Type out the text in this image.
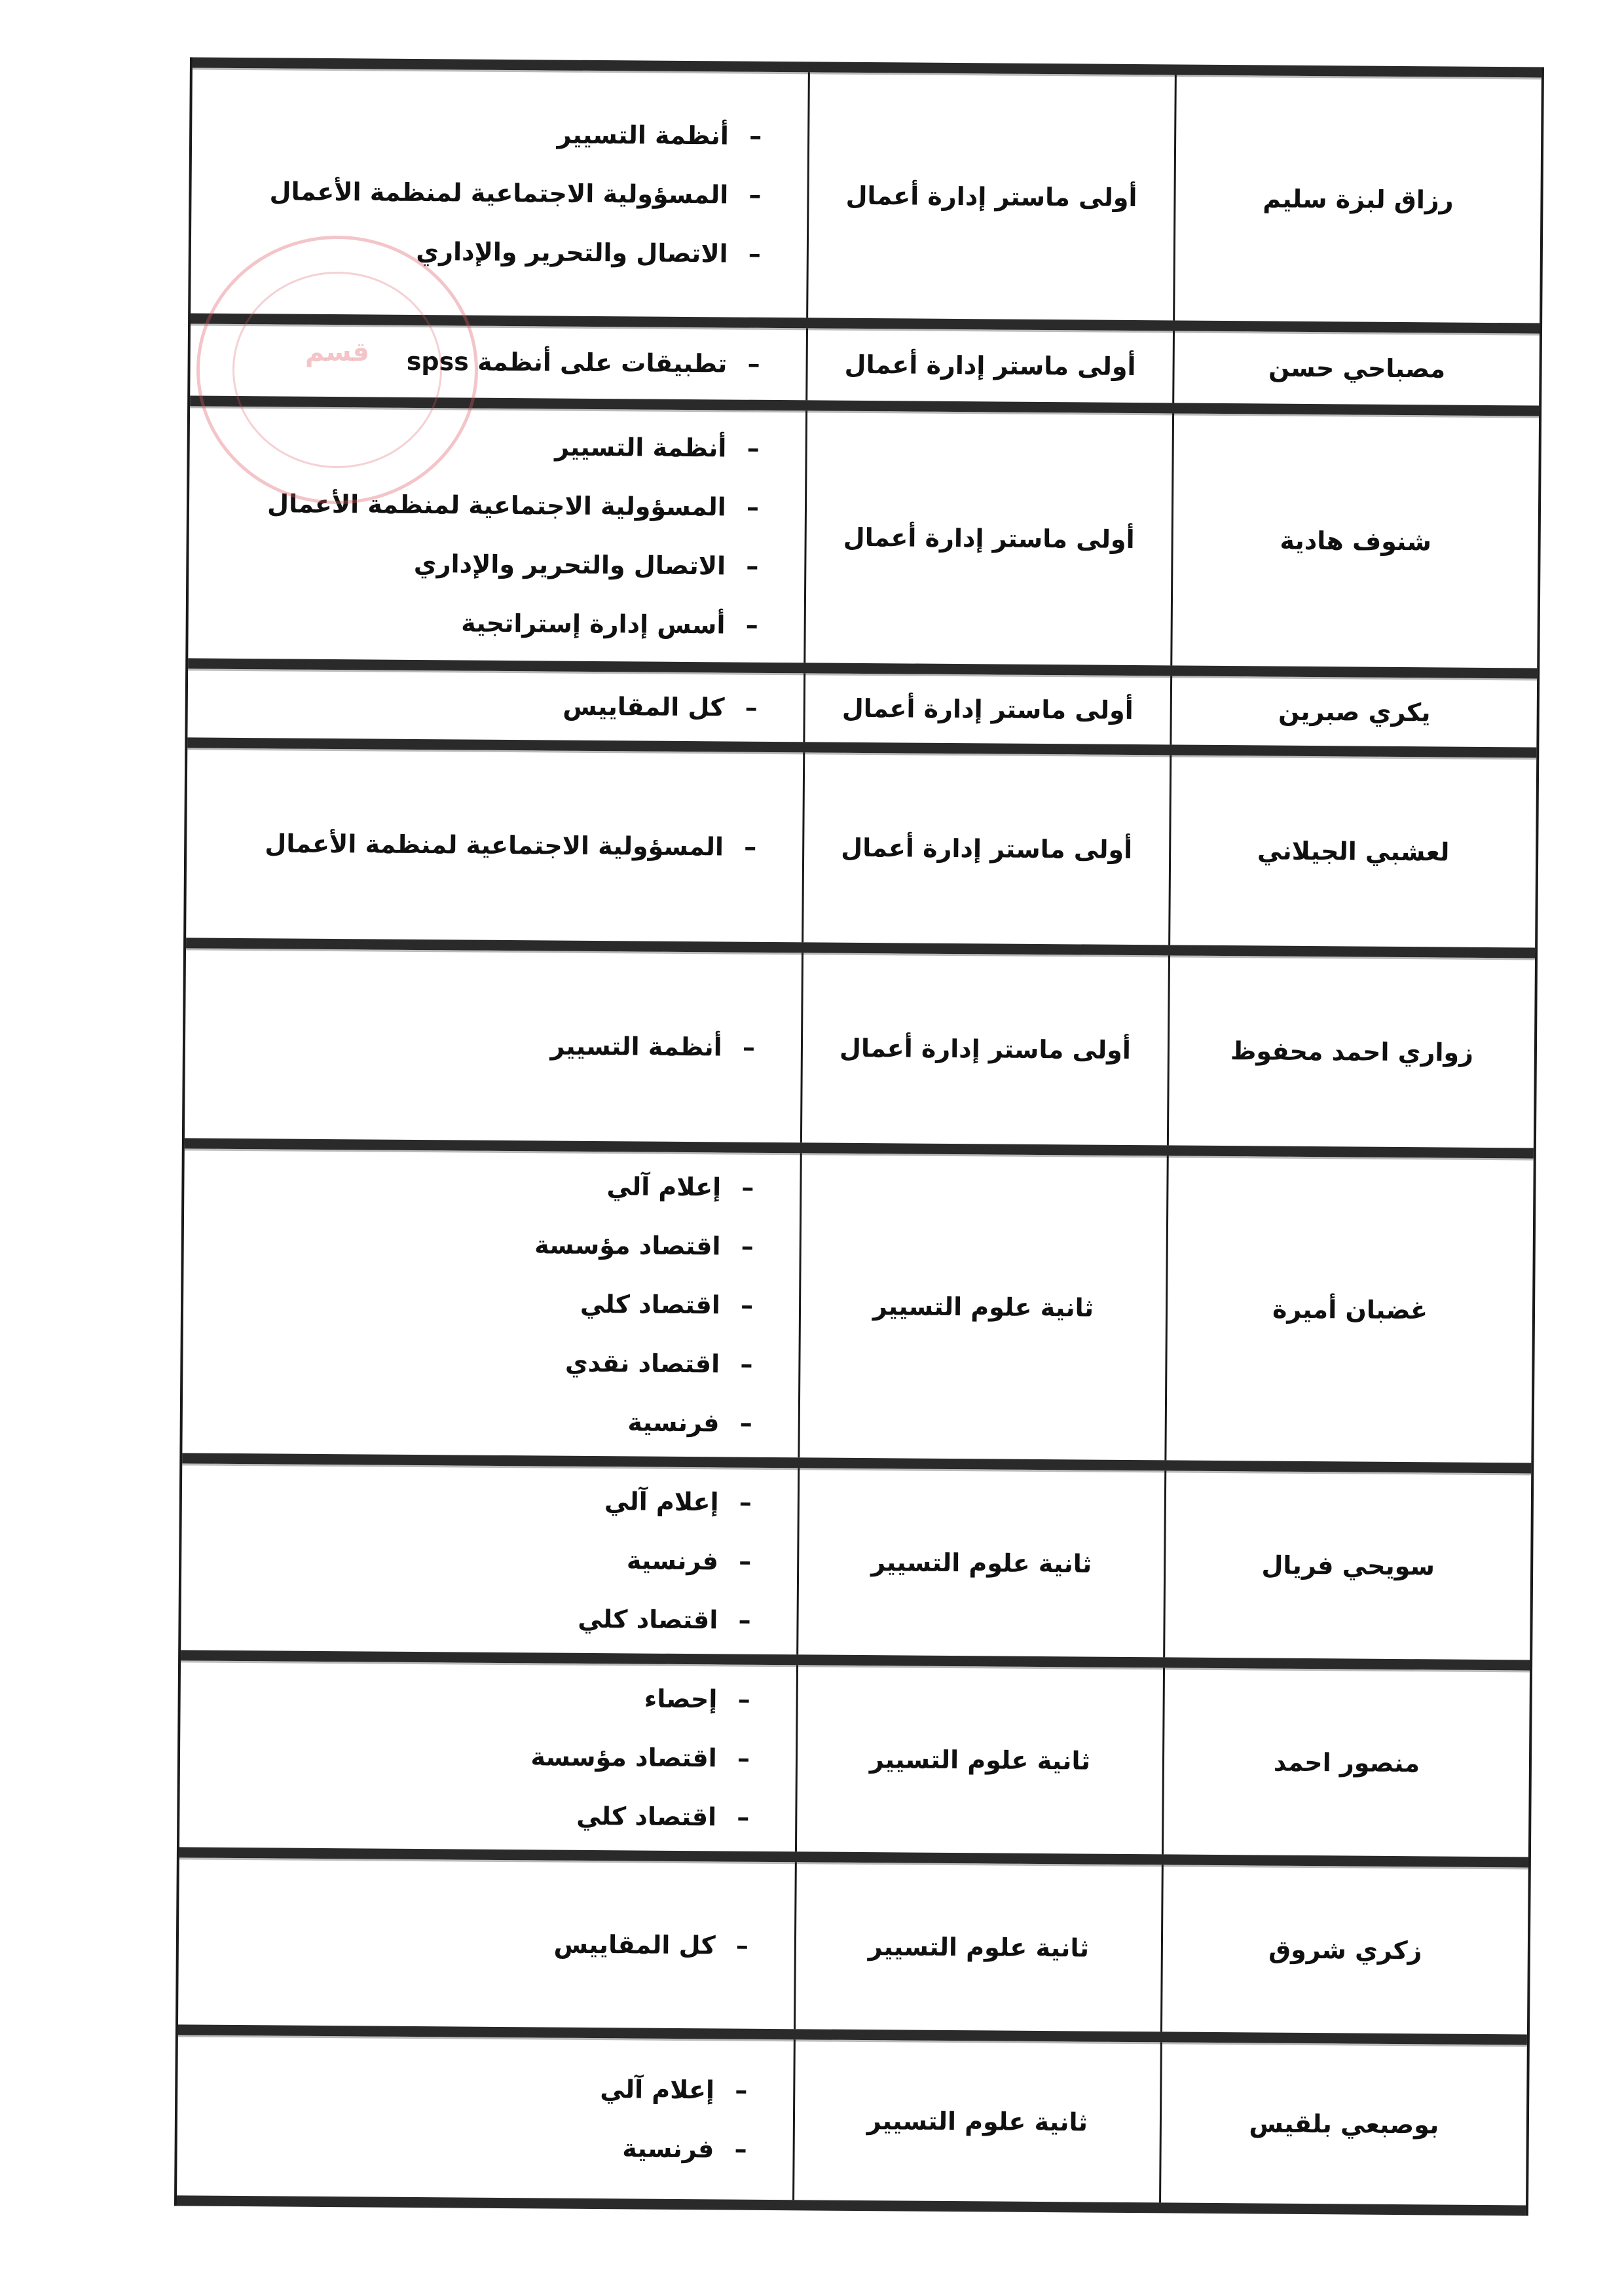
رزاق لبزة سليم
أولى ماستر إدارة أعمال
– أنظمة التسيير
– المسؤولية الاجتماعية لمنظمة الأعمال
– الاتصال والتحرير والإداري
مصباحي حسن
أولى ماستر إدارة أعمال
– تطبيقات على أنظمة spss
شنوف هادية
أولى ماستر إدارة أعمال
– أنظمة التسيير
– المسؤولية الاجتماعية لمنظمة الأعمال
– الاتصال والتحرير والإداري
– أسس إدارة إستراتجية
يكري صبرين
أولى ماستر إدارة أعمال
– كل المقاييس
لعشبي الجيلاني
أولى ماستر إدارة أعمال
– المسؤولية الاجتماعية لمنظمة الأعمال
زواري احمد محفوظ
أولى ماستر إدارة أعمال
– أنظمة التسيير
غضبان أميرة
ثانية علوم التسيير
– إعلام آلي
– اقتصاد مؤسسة
– اقتصاد كلي
– اقتصاد نقدي
– فرنسية
سويحي فريال
ثانية علوم التسيير
– إعلام آلي
– فرنسية
– اقتصاد كلي
منصور احمد
ثانية علوم التسيير
– إحصاء
– اقتصاد مؤسسة
– اقتصاد كلي
زكري شروق
ثانية علوم التسيير
– كل المقاييس
بوصبعي بلقيس
ثانية علوم التسيير
– إعلام آلي
– فرنسية
قسم
